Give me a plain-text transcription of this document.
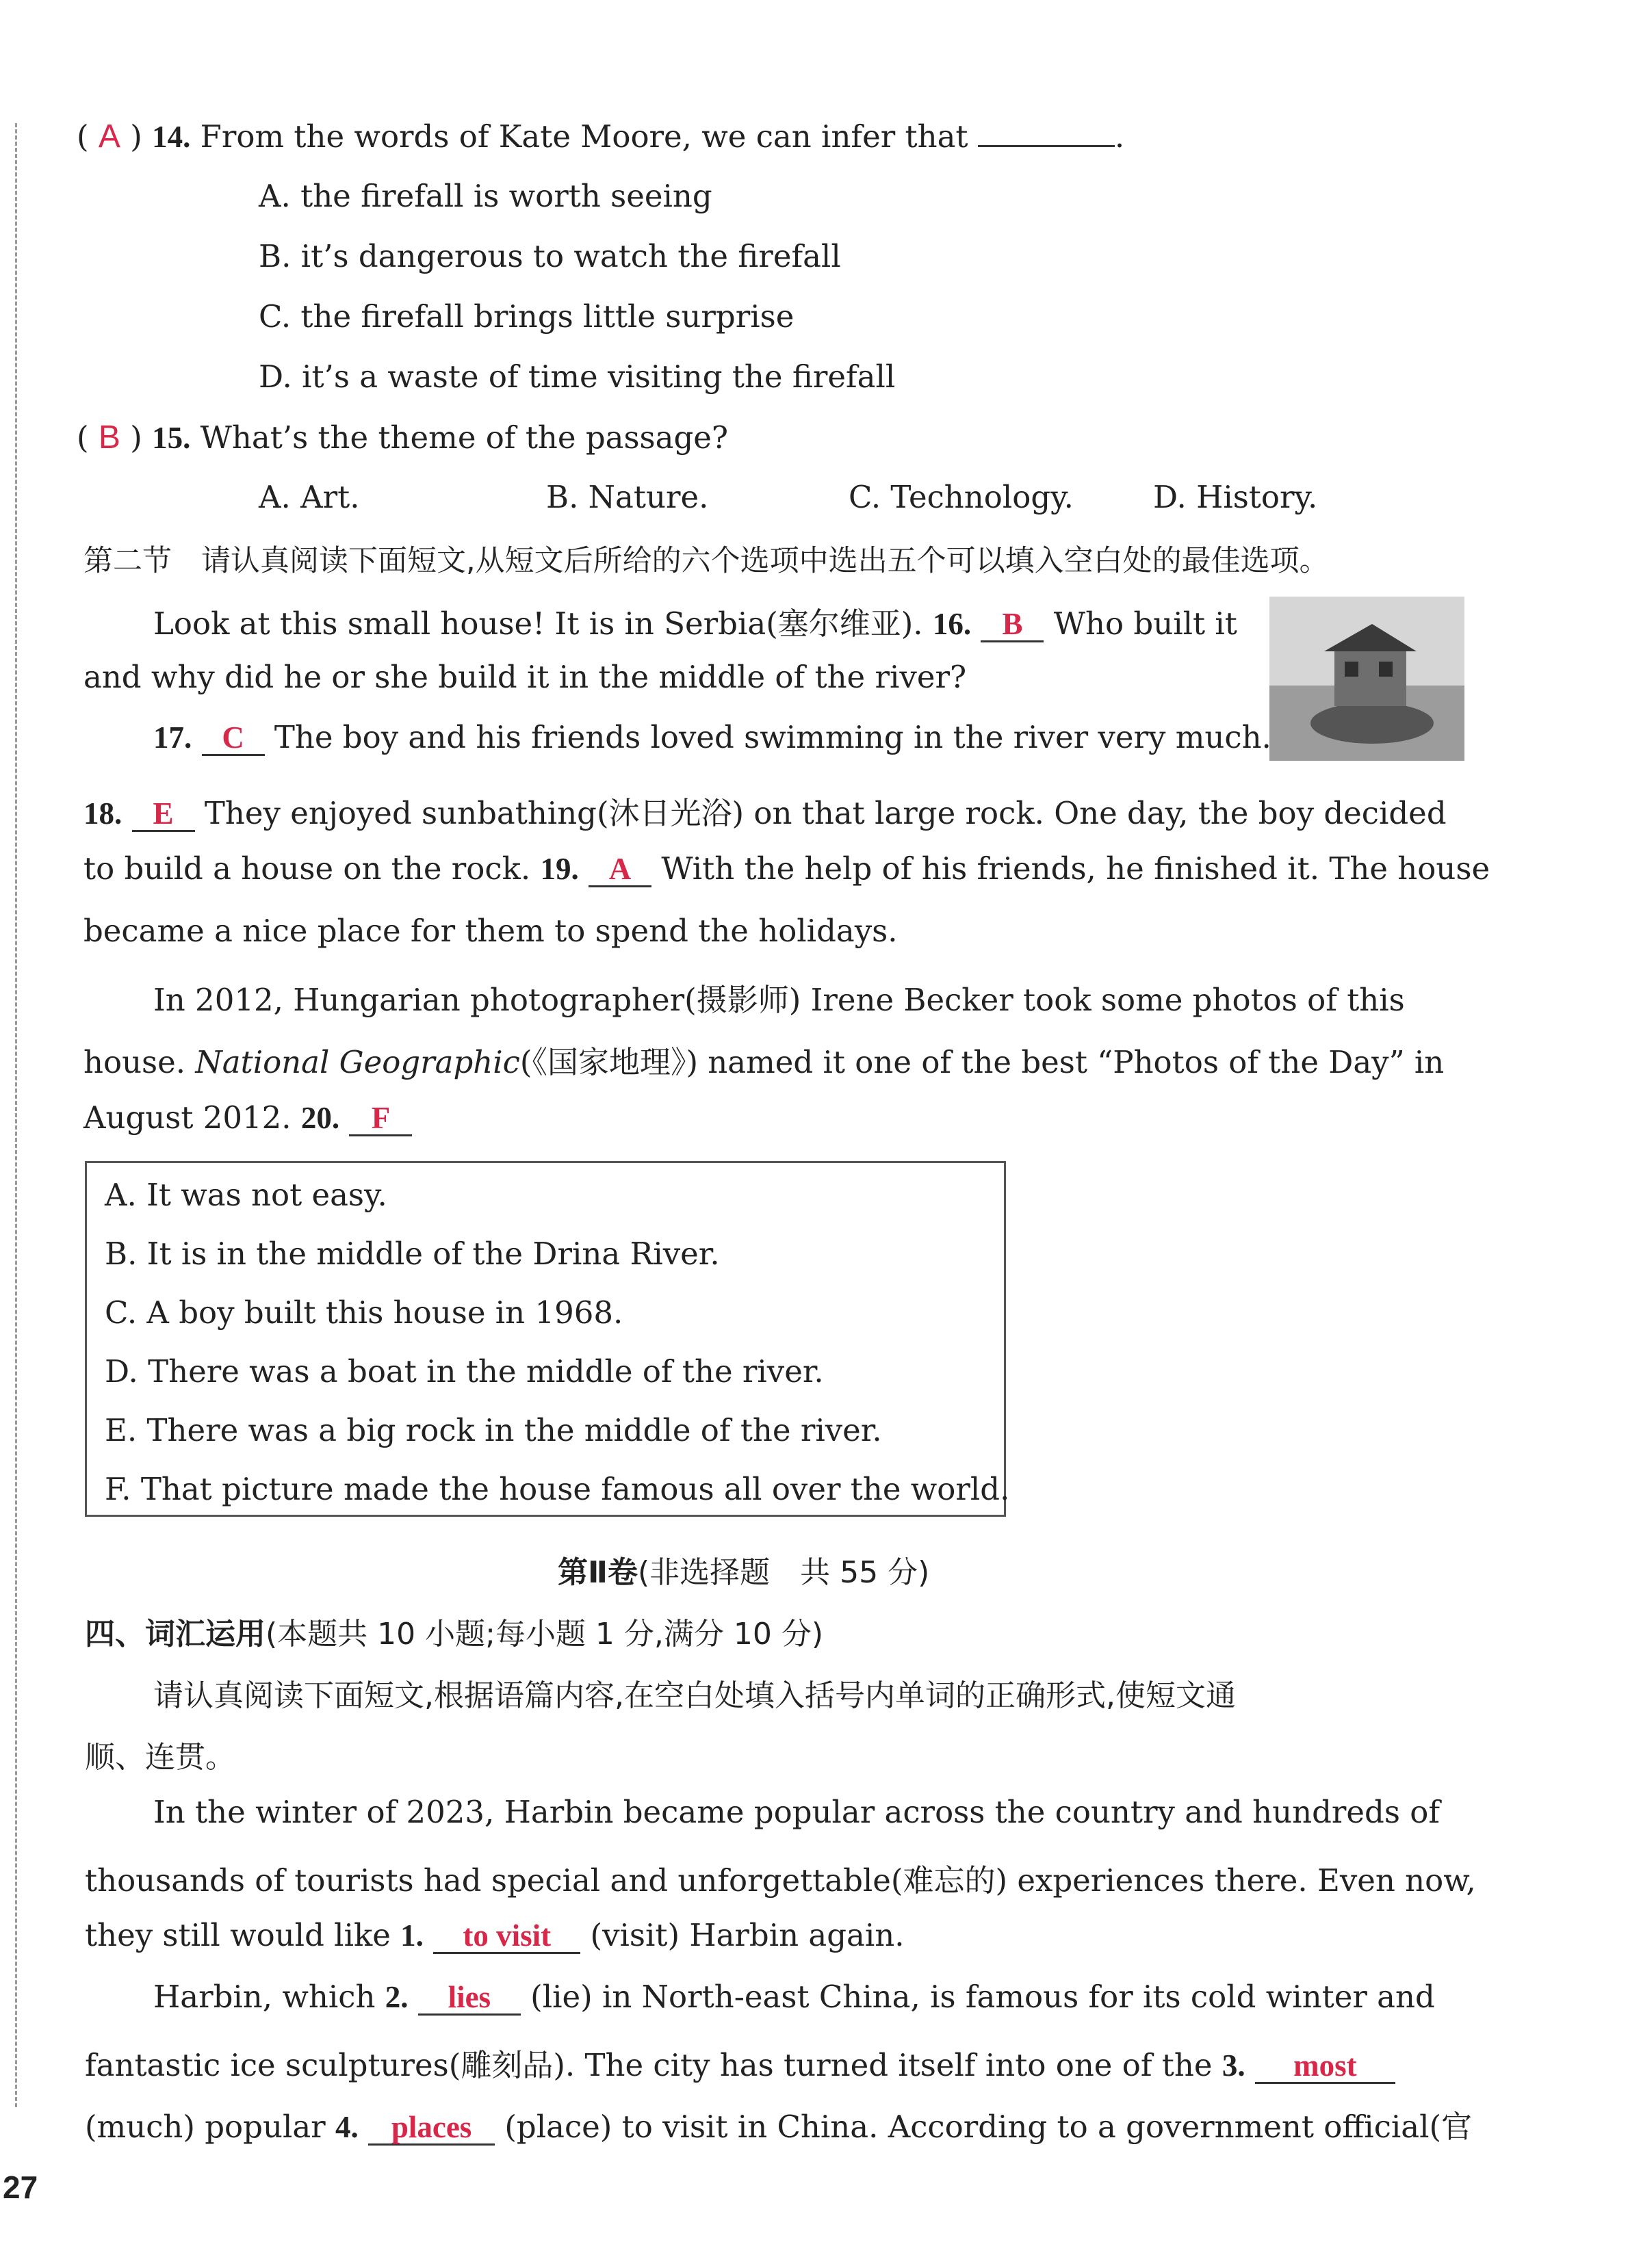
( A ) 14. From the words of Kate Moore, we can infer that	.
A. the firefall is worth seeing
B. it’s dangerous to watch the firefall
C. the firefall brings little surprise
D. it’s a waste of time visiting the firefall
( B ) 15. What’s the theme of the passage?
A. Art.	B. Nature.	C. Technology.	D. History.
第二节　请认真阅读下面短文,从短文后所给的六个选项中选出五个可以填入空白处的最佳选项。
Look at this small house! It is in Serbia(塞尔维亚). 16. B Who built it
and why did he or she build it in the middle of the river?
17. C The boy and his friends loved swimming in the river very much.
18. E They enjoyed sunbathing(沐日光浴) on that large rock. One day, the boy decided
to build a house on the rock. 19. A With the help of his friends, he finished it. The house
became a nice place for them to spend the holidays.
In 2012, Hungarian photographer(摄影师) Irene Becker took some photos of this
house. National Geographic(《国家地理》) named it one of the best “Photos of the Day” in
August 2012. 20. F
A. It was not easy.
B. It is in the middle of the Drina River.
C. A boy built this house in 1968.
D. There was a boat in the middle of the river.
E. There was a big rock in the middle of the river.
F. That picture made the house famous all over the world.
第Ⅱ卷(非选择题　共 55 分)
四、词汇运用(本题共 10 小题;每小题 1 分,满分 10 分)
请认真阅读下面短文,根据语篇内容,在空白处填入括号内单词的正确形式,使短文通
顺、连贯。
In the winter of 2023, Harbin became popular across the country and hundreds of
thousands of tourists had special and unforgettable(难忘的) experiences there. Even now,
they still would like 1. to visit (visit) Harbin again.
Harbin, which 2. lies (lie) in North-east China, is famous for its cold winter and
fantastic ice sculptures(雕刻品). The city has turned itself into one of the 3. most
(much) popular 4. places (place) to visit in China. According to a government official(官
27
